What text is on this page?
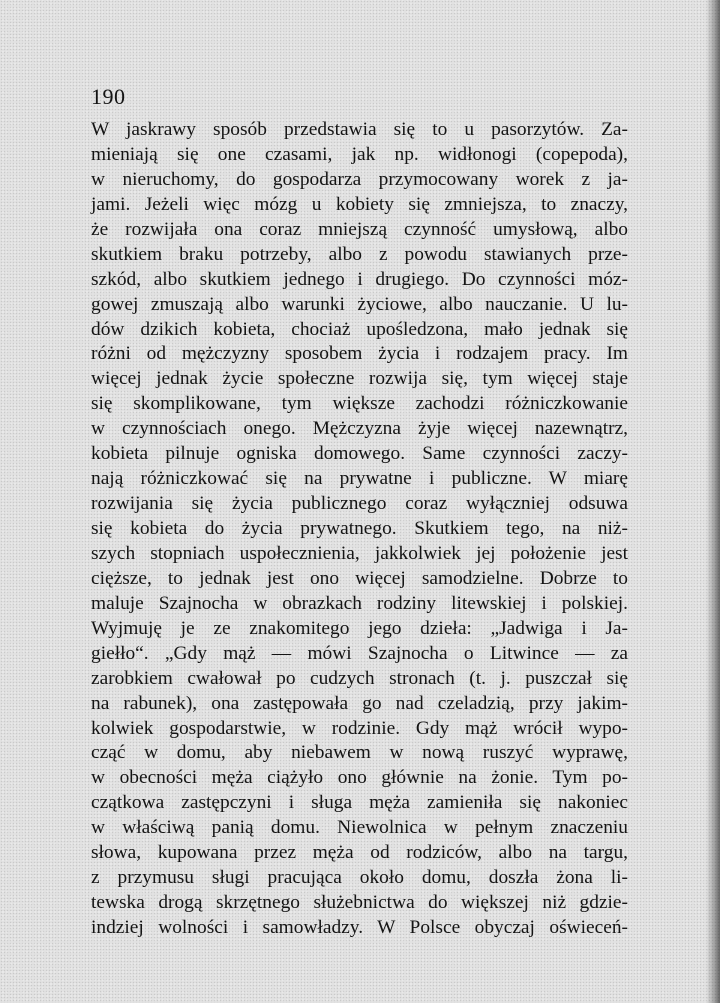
190
W jaskrawy sposób przedstawia się to u pasorzytów. Za-
mieniają się one czasami, jak np. widłonogi (copepoda),
w nieruchomy, do gospodarza przymocowany worek z ja-
jami. Jeżeli więc mózg u kobiety się zmniejsza, to znaczy,
że rozwijała ona coraz mniejszą czynność umysłową, albo
skutkiem braku potrzeby, albo z powodu stawianych prze-
szkód, albo skutkiem jednego i drugiego. Do czynności móz-
gowej zmuszają albo warunki życiowe, albo nauczanie. U lu-
dów dzikich kobieta, chociaż upośledzona, mało jednak się
różni od mężczyzny sposobem życia i rodzajem pracy. Im
więcej jednak życie społeczne rozwija się, tym więcej staje
się skomplikowane, tym większe zachodzi różniczkowanie
w czynnościach onego. Mężczyzna żyje więcej nazewnątrz,
kobieta pilnuje ogniska domowego. Same czynności zaczy-
nają różniczkować się na prywatne i publiczne. W miarę
rozwijania się życia publicznego coraz wyłączniej odsuwa
się kobieta do życia prywatnego. Skutkiem tego, na niż-
szych stopniach uspołecznienia, jakkolwiek jej położenie jest
cięższe, to jednak jest ono więcej samodzielne. Dobrze to
maluje Szajnocha w obrazkach rodziny litewskiej i polskiej.
Wyjmuję je ze znakomitego jego dzieła: „Jadwiga i Ja-
giełło“. „Gdy mąż — mówi Szajnocha o Litwince — za
zarobkiem cwałował po cudzych stronach (t. j. puszczał się
na rabunek), ona zastępowała go nad czeladzią, przy jakim-
kolwiek gospodarstwie, w rodzinie. Gdy mąż wrócił wypo-
cząć w domu, aby niebawem w nową ruszyć wyprawę,
w obecności męża ciążyło ono głównie na żonie. Tym po-
czątkowa zastępczyni i sługa męża zamieniła się nakoniec
w właściwą panią domu. Niewolnica w pełnym znaczeniu
słowa, kupowana przez męża od rodziców, albo na targu,
z przymusu sługi pracująca około domu, doszła żona li-
tewska drogą skrzętnego służebnictwa do większej niż gdzie-
indziej wolności i samowładzy. W Polsce obyczaj oświeceń-
